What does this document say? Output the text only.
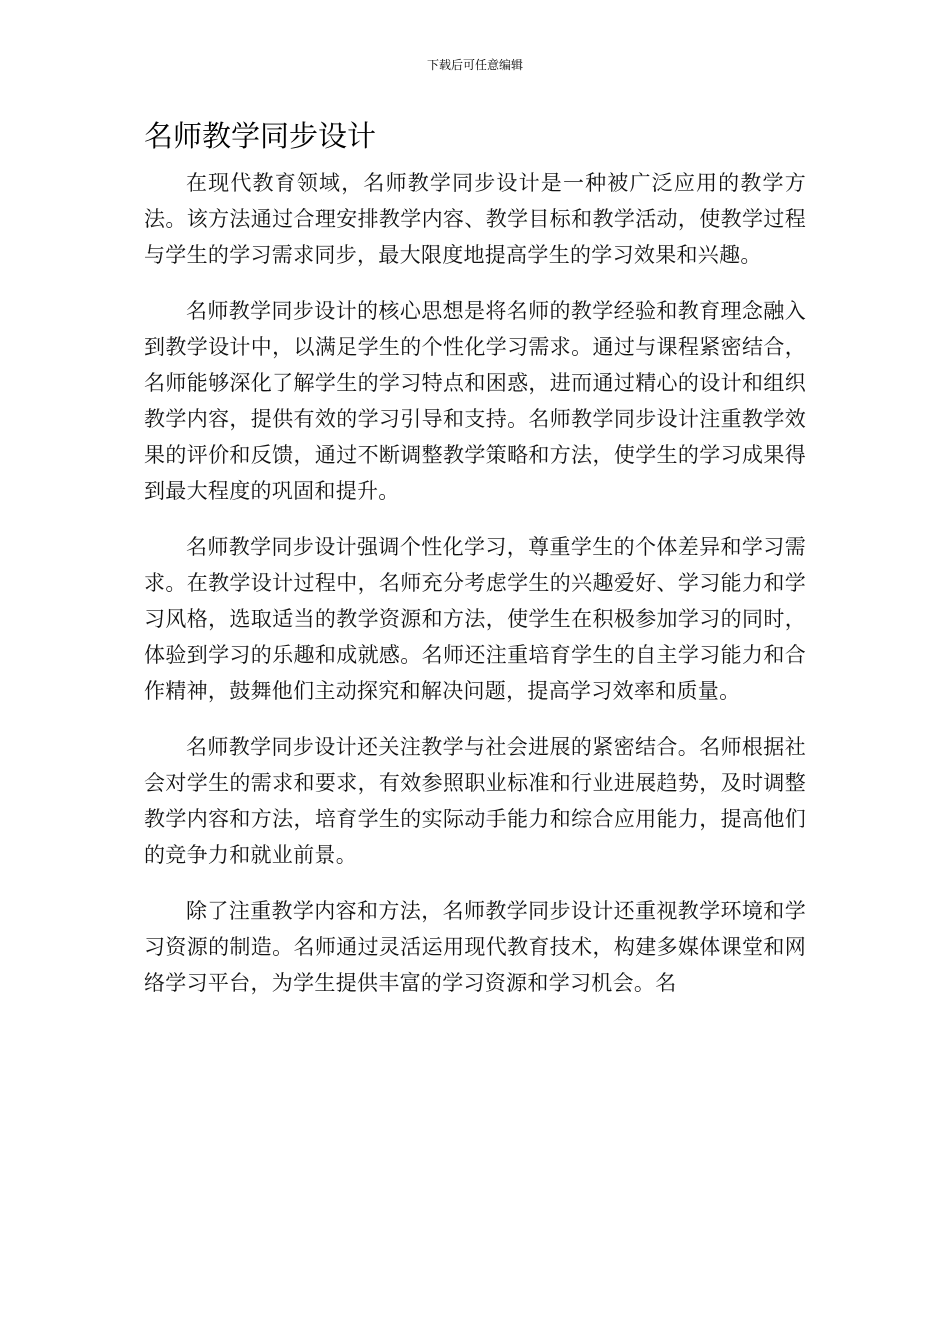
下载后可任意编辑
名师教学同步设计

在现代教育领域，名师教学同步设计是一种被广泛应用的教学方法。该方法通过合理安排教学内容、教学目标和教学活动，使教学过程与学生的学习需求同步，最大限度地提高学生的学习效果和兴趣。

名师教学同步设计的核心思想是将名师的教学经验和教育理念融入到教学设计中，以满足学生的个性化学习需求。通过与课程紧密结合，名师能够深化了解学生的学习特点和困惑，进而通过精心的设计和组织教学内容，提供有效的学习引导和支持。名师教学同步设计注重教学效果的评价和反馈，通过不断调整教学策略和方法，使学生的学习成果得到最大程度的巩固和提升。

名师教学同步设计强调个性化学习，尊重学生的个体差异和学习需求。在教学设计过程中，名师充分考虑学生的兴趣爱好、学习能力和学习风格，选取适当的教学资源和方法，使学生在积极参加学习的同时，体验到学习的乐趣和成就感。名师还注重培育学生的自主学习能力和合作精神，鼓舞他们主动探究和解决问题，提高学习效率和质量。

名师教学同步设计还关注教学与社会进展的紧密结合。名师根据社会对学生的需求和要求，有效参照职业标准和行业进展趋势，及时调整教学内容和方法，培育学生的实际动手能力和综合应用能力，提高他们的竞争力和就业前景。

除了注重教学内容和方法，名师教学同步设计还重视教学环境和学习资源的制造。名师通过灵活运用现代教育技术，构建多媒体课堂和网络学习平台，为学生提供丰富的学习资源和学习机会。名
